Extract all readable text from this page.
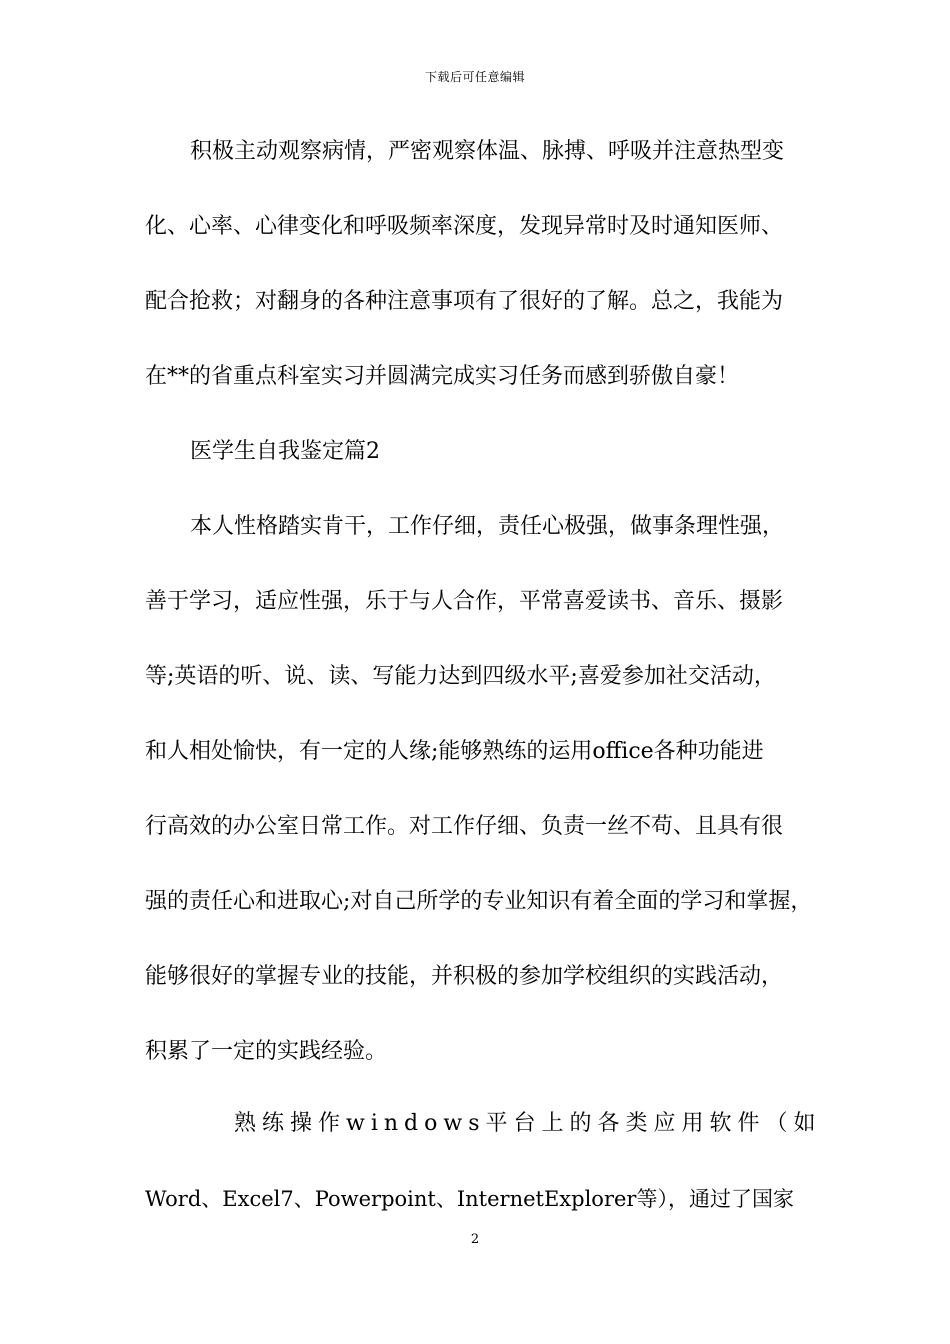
下载后可任意编辑
积极主动观察病情，严密观察体温、脉搏、呼吸并注意热型变
化、心率、心律变化和呼吸频率深度，发现异常时及时通知医师、
配合抢救；对翻身的各种注意事项有了很好的了解。总之，我能为
在**的省重点科室实习并圆满完成实习任务而感到骄傲自豪！
医学生自我鉴定篇2
本人性格踏实肯干，工作仔细，责任心极强，做事条理性强，
善于学习，适应性强，乐于与人合作，平常喜爱读书、音乐、摄影
等;英语的听、说、读、写能力达到四级水平;喜爱参加社交活动，
和人相处愉快，有一定的人缘;能够熟练的运用office各种功能进
行高效的办公室日常工作。对工作仔细、负责一丝不苟、且具有很
强的责任心和进取心;对自己所学的专业知识有着全面的学习和掌握，
能够很好的掌握专业的技能，并积极的参加学校组织的实践活动，
积累了一定的实践经验。
熟练操作windows平台上的各类应用软件（如
Word、Excel7、Powerpoint、InternetExplorer等），通过了国家
2
